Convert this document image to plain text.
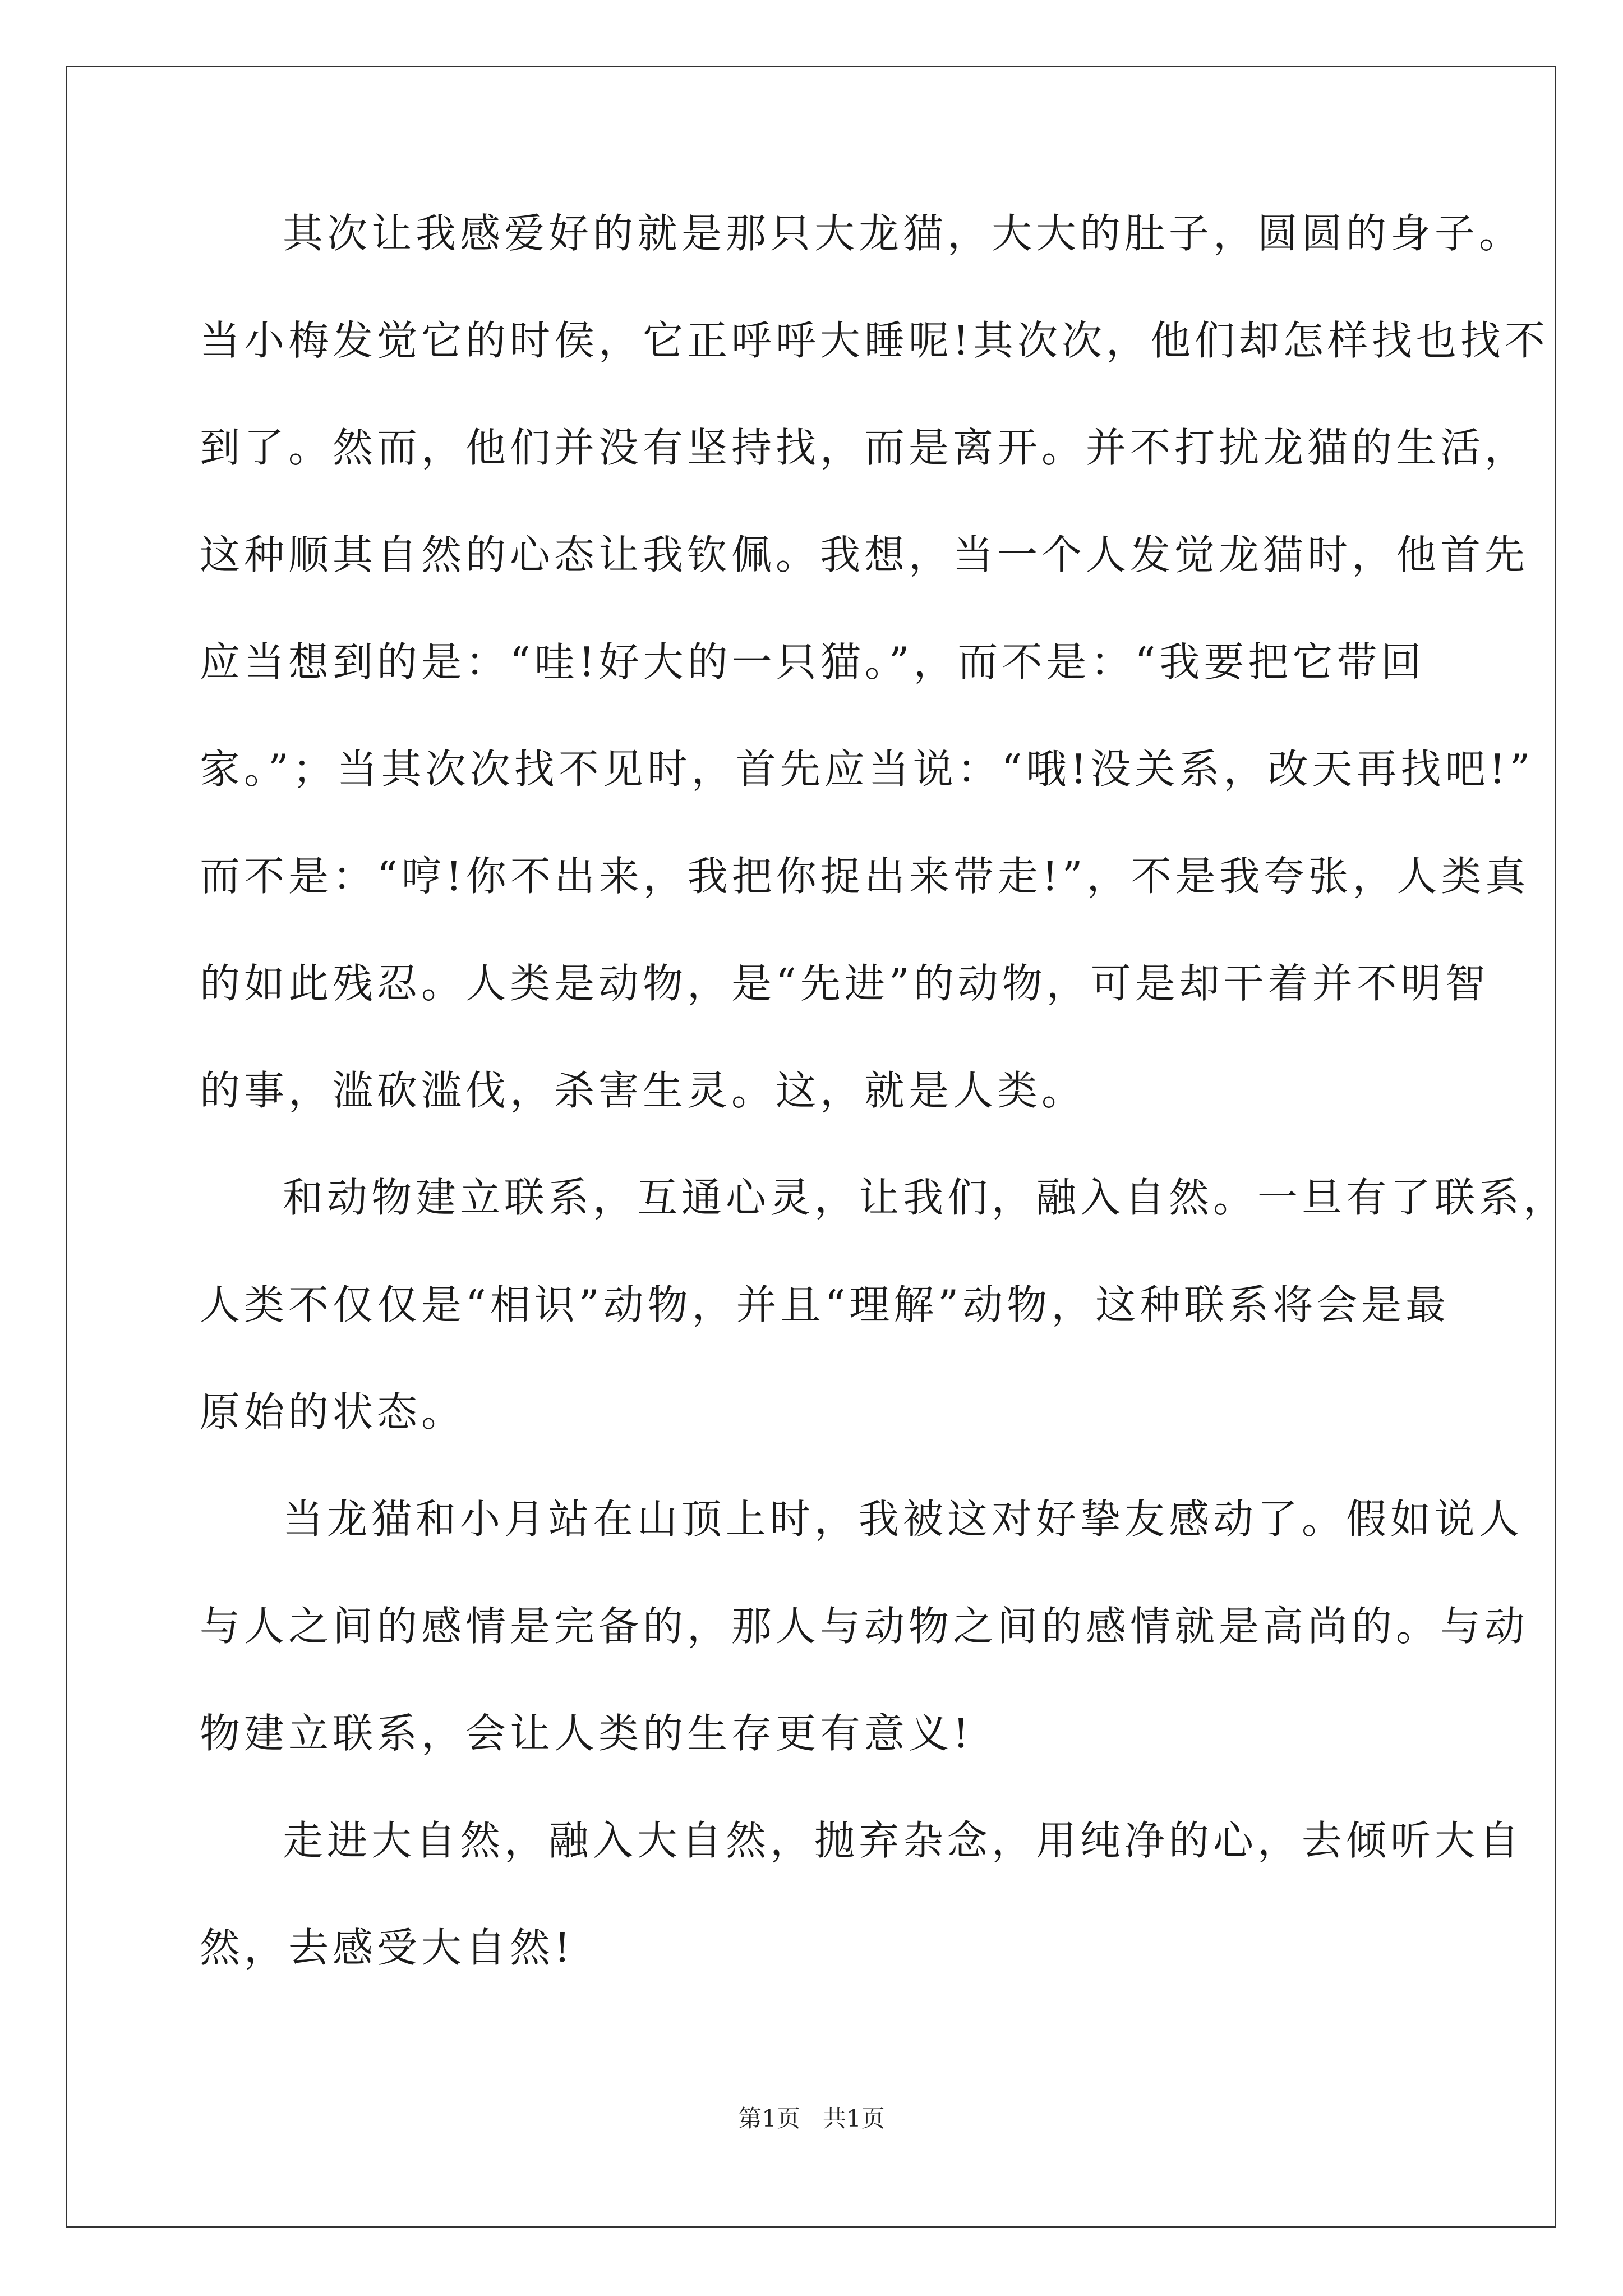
其次让我感爱好的就是那只大龙猫，大大的肚子，圆圆的身子。
当小梅发觉它的时侯，它正呼呼大睡呢!其次次，他们却怎样找也找不
到了。然而，他们并没有坚持找，而是离开。并不打扰龙猫的生活，
这种顺其自然的心态让我钦佩。我想，当一个人发觉龙猫时，他首先
应当想到的是：“哇!好大的一只猫。”，而不是：“我要把它带回
家。”；当其次次找不见时，首先应当说：“哦!没关系，改天再找吧!”
而不是：“哼!你不出来，我把你捉出来带走!”，不是我夸张，人类真
的如此残忍。人类是动物，是“先进”的动物，可是却干着并不明智
的事，滥砍滥伐，杀害生灵。这，就是人类。
和动物建立联系，互通心灵，让我们，融入自然。一旦有了联系，
人类不仅仅是“相识”动物，并且“理解”动物，这种联系将会是最
原始的状态。
当龙猫和小月站在山顶上时，我被这对好挚友感动了。假如说人
与人之间的感情是完备的，那人与动物之间的感情就是高尚的。与动
物建立联系，会让人类的生存更有意义!
走进大自然，融入大自然，抛弃杂念，用纯净的心，去倾听大自
然，去感受大自然!
第1页   共1页
